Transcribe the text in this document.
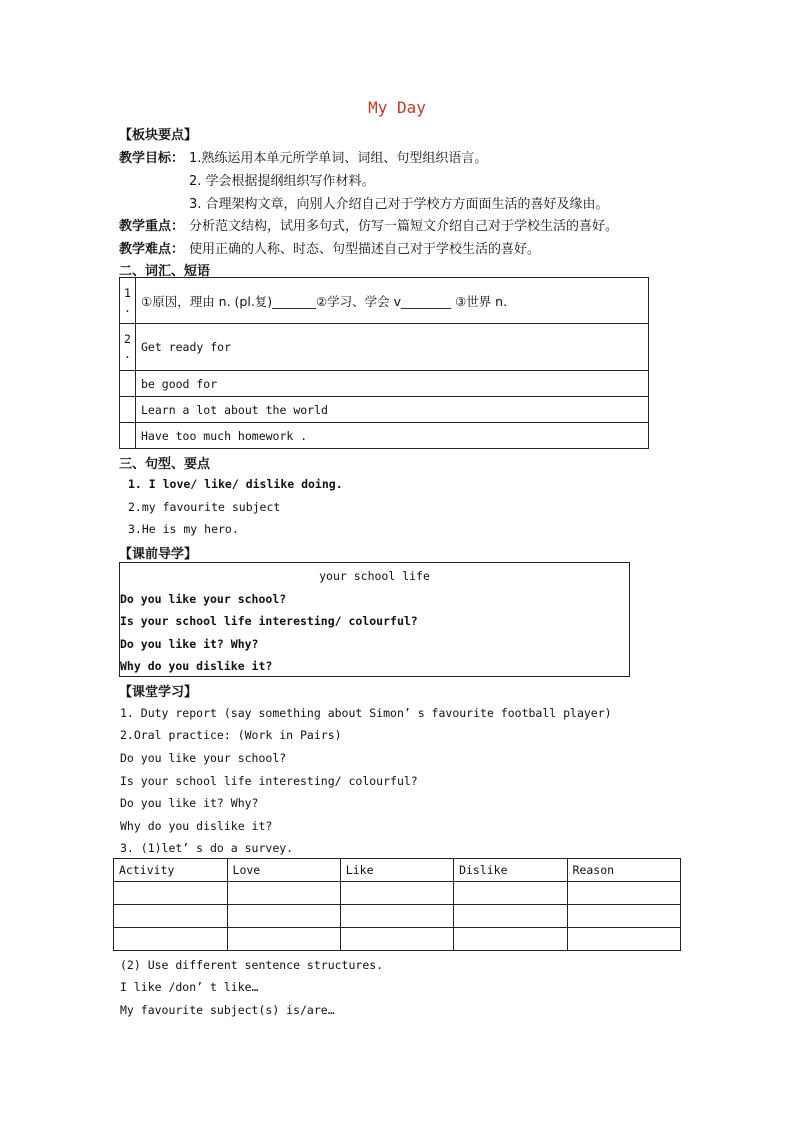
My Day
【板块要点】
教学目标： 1.熟练运用本单元所学单词、词组、句型组织语言。
2. 学会根据提纲组织写作材料。
3. 合理架构文章，向别人介绍自己对于学校方方面面生活的喜好及缘由。
教学重点： 分析范文结构，试用多句式，仿写一篇短文介绍自己对于学校生活的喜好。
教学难点： 使用正确的人称、时态、句型描述自己对于学校生活的喜好。
二、词汇、短语
1
.	①原因，理由 n. (pl.复)_______②学习、学会 v________ ③世界 n.
2
.	Get ready for
	be good for
	Learn a lot about the world
	Have too much homework .
三、句型、要点
1. I love/ like/ dislike doing.
2.my favourite subject
3.He is my hero.
【课前导学】
your school life
Do you like your school?
Is your school life interesting/ colourful?
Do you like it? Why?
Why do you dislike it?
【课堂学习】
1. Duty report (say something about Simon’ s favourite football player)
2.Oral practice: (Work in Pairs)
Do you like your school?
Is your school life interesting/ colourful?
Do you like it? Why?
Why do you dislike it?
3. (1)let’ s do a survey.
Activity	Love	Like	Dislike	Reason

(2) Use different sentence structures.
I like /don’ t like…
My favourite subject(s) is/are…
